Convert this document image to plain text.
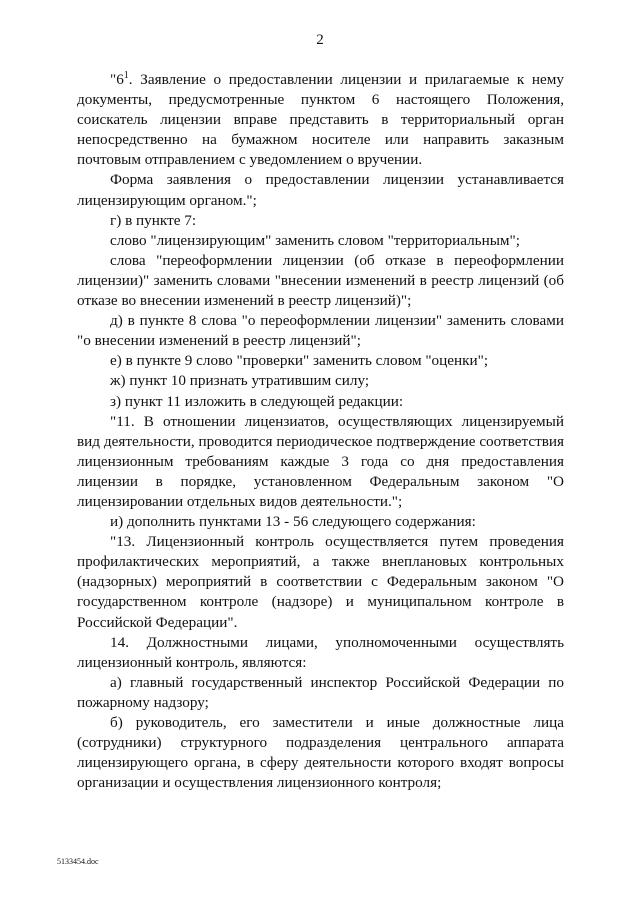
2

"$6^1$. Заявление о предоставлении лицензии и прилагаемые к нему документы, предусмотренные пунктом 6 настоящего Положения, соискатель лицензии вправе представить в территориальный орган непосредственно на бумажном носителе или направить заказным почтовым отправлением с уведомлением о вручении.

Форма заявления о предоставлении лицензии устанавливается лицензирующим органом.";

г) в пункте 7:

слово "лицензирующим" заменить словом "территориальным";

слова "переоформлении лицензии (об отказе в переоформлении лицензии)" заменить словами "внесении изменений в реестр лицензий (об отказе во внесении изменений в реестр лицензий)";

д) в пункте 8 слова "о переоформлении лицензии" заменить словами "о внесении изменений в реестр лицензий";

е) в пункте 9 слово "проверки" заменить словом "оценки";

ж) пункт 10 признать утратившим силу;

з) пункт 11 изложить в следующей редакции:

"11. В отношении лицензиатов, осуществляющих лицензируемый вид деятельности, проводится периодическое подтверждение соответствия лицензионным требованиям каждые 3 года со дня предоставления лицензии в порядке, установленном Федеральным законом "О лицензировании отдельных видов деятельности.";

и) дополнить пунктами 13 - 56 следующего содержания:

"13. Лицензионный контроль осуществляется путем проведения профилактических мероприятий, а также внеплановых контрольных (надзорных) мероприятий в соответствии с Федеральным законом "О государственном контроле (надзоре) и муниципальном контроле в Российской Федерации".

14. Должностными лицами, уполномоченными осуществлять лицензионный контроль, являются:

а) главный государственный инспектор Российской Федерации по пожарному надзору;

б) руководитель, его заместители и иные должностные лица (сотрудники) структурного подразделения центрального аппарата лицензирующего органа, в сферу деятельности которого входят вопросы организации и осуществления лицензионного контроля;

5133454.doc
